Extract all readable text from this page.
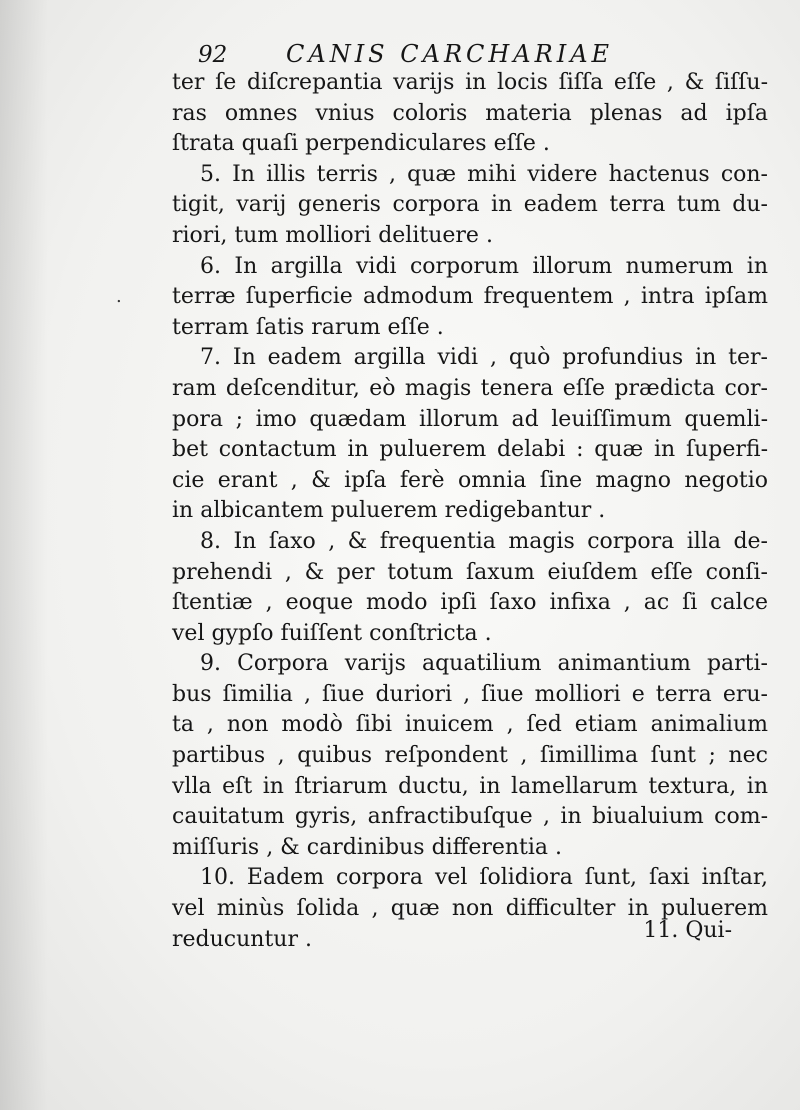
92 CANIS CARCHARIAE
.
ter ſe diſcrepantia varijs in locis ſiſſa eſſe , & ſiſſu-
ras omnes vnius coloris materia plenas ad ipſa
ſtrata quaſi perpendiculares eſſe .
5. In illis terris , quæ mihi videre hactenus con-
tigit, varij generis corpora in eadem terra tum du-
riori, tum molliori delituere .
6. In argilla vidi corporum illorum numerum in
terræ ſuperficie admodum frequentem , intra ipſam
terram ſatis rarum eſſe .
7. In eadem argilla vidi , quò profundius in ter-
ram deſcenditur, eò magis tenera eſſe prædicta cor-
pora ; imo quædam illorum ad leuiſſimum quemli-
bet contactum in puluerem delabi : quæ in ſuperfi-
cie erant , & ipſa ferè omnia ſine magno negotio
in albicantem puluerem redigebantur .
8. In ſaxo , & frequentia magis corpora illa de-
prehendi , & per totum ſaxum eiuſdem eſſe conſi-
ſtentiæ , eoque modo ipſi ſaxo infixa , ac ſi calce
vel gypſo fuiſſent conſtricta .
9. Corpora varijs aquatilium animantium parti-
bus ſimilia , ſiue duriori , ſiue molliori e terra eru-
ta , non modò ſibi inuicem , ſed etiam animalium
partibus , quibus reſpondent , ſimillima ſunt ; nec
vlla eſt in ſtriarum ductu, in lamellarum textura, in
cauitatum gyris, anfractibuſque , in biualuium com-
miſſuris , & cardinibus differentia .
10. Eadem corpora vel ſolidiora ſunt, ſaxi inſtar,
vel minùs ſolida , quæ non difficulter in puluerem
reducuntur .	11. Qui-
